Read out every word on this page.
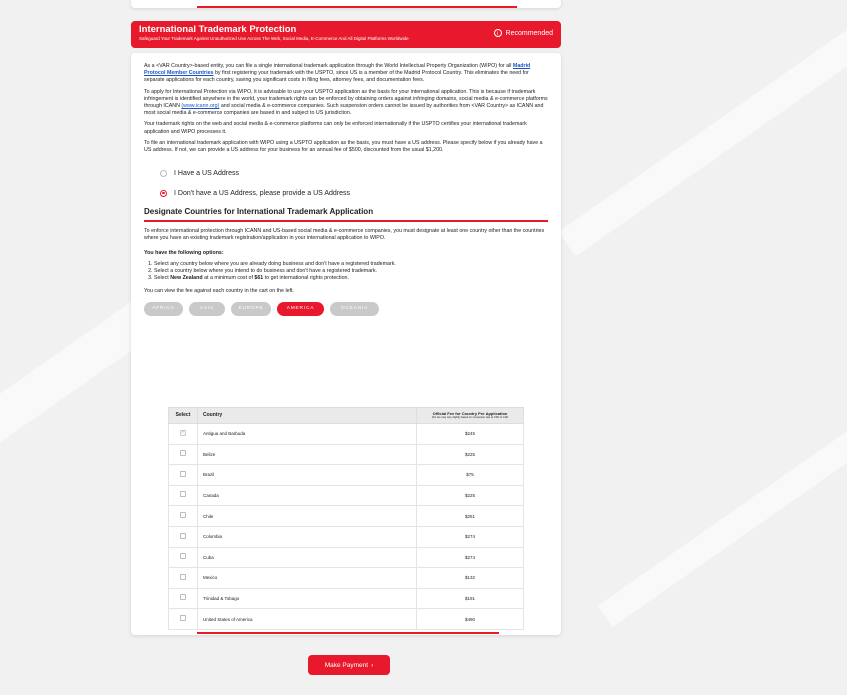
International Trademark Protection
Safeguard Your Trademark Against Unauthorized Use Across The Web, Social Media, E-Commerce And All Digital Platforms Worldwide
i	Recommended

As a <VAR Country>-based entity, you can file a single international trademark application through the World Intellectual Property Organization (WIPO) for all Madrid Protocol Member Countries by first registering your trademark with the USPTO, since US is a member of the Madrid Protocol Country. This eliminates the need for separate applications for each country, saving you significant costs in filing fees, attorney fees, and documentation fees.

To apply for International Protection via WIPO, it is advisable to use your USPTO application as the basis for your international application. This is because if trademark infringement is identified anywhere in the world, your trademark rights can be enforced by obtaining orders against infringing domains, social media & e-commerce platforms through ICANN (www.icann.org) and social media & e-commerce companies. Such suspension orders cannot be issued by authorities from <VAR Country> as ICANN and most social media & e-commerce companies are based in and subject to US jurisdiction.

Your trademark rights on the web and social media & e-commerce platforms can only be enforced internationally if the USPTO certifies your international trademark application and WIPO processes it.

To file an international trademark application with WIPO using a USPTO application as the basis, you must have a US address. Please specify below if you already have a US address. If not, we can provide a US address for your business for an annual fee of $500, discounted from the usual $1,200.

I Have a US Address
I Don't have a US Address, please provide a US Address
Designate Countries for International Trademark Application

To enforce international protection through ICANN and US-based social media & e-commerce companies, you must designate at least one country other than the countries where you have an existing trademark registration/application in your international application to WIPO.

You have the following options:

1. Select any country below where you are already doing business and don't have a registered trademark.
2. Select a country below where you intend to do business and don't have a registered trademark.
3. Select New Zealand at a minimum cost of $61 to get international rights protection.

You can view the fee against each country in the cart on the left.

AFRICA	ASIA	EUROPE	AMERICA	OCEANIA
Select	Country	Official Fee for Country Per Application
(the fee may vary slightly based on conversion rate at USD to CHF

✓	Antigua and Barbuda	$245
	Belize	$225
	Brazil	$75
	Canada	$225
	Chile	$251
	Colombia	$274
	Cuba	$274
	Mexico	$132
	Trinidad & Tobago	$191
	United States of America	$490
Make Payment ›
